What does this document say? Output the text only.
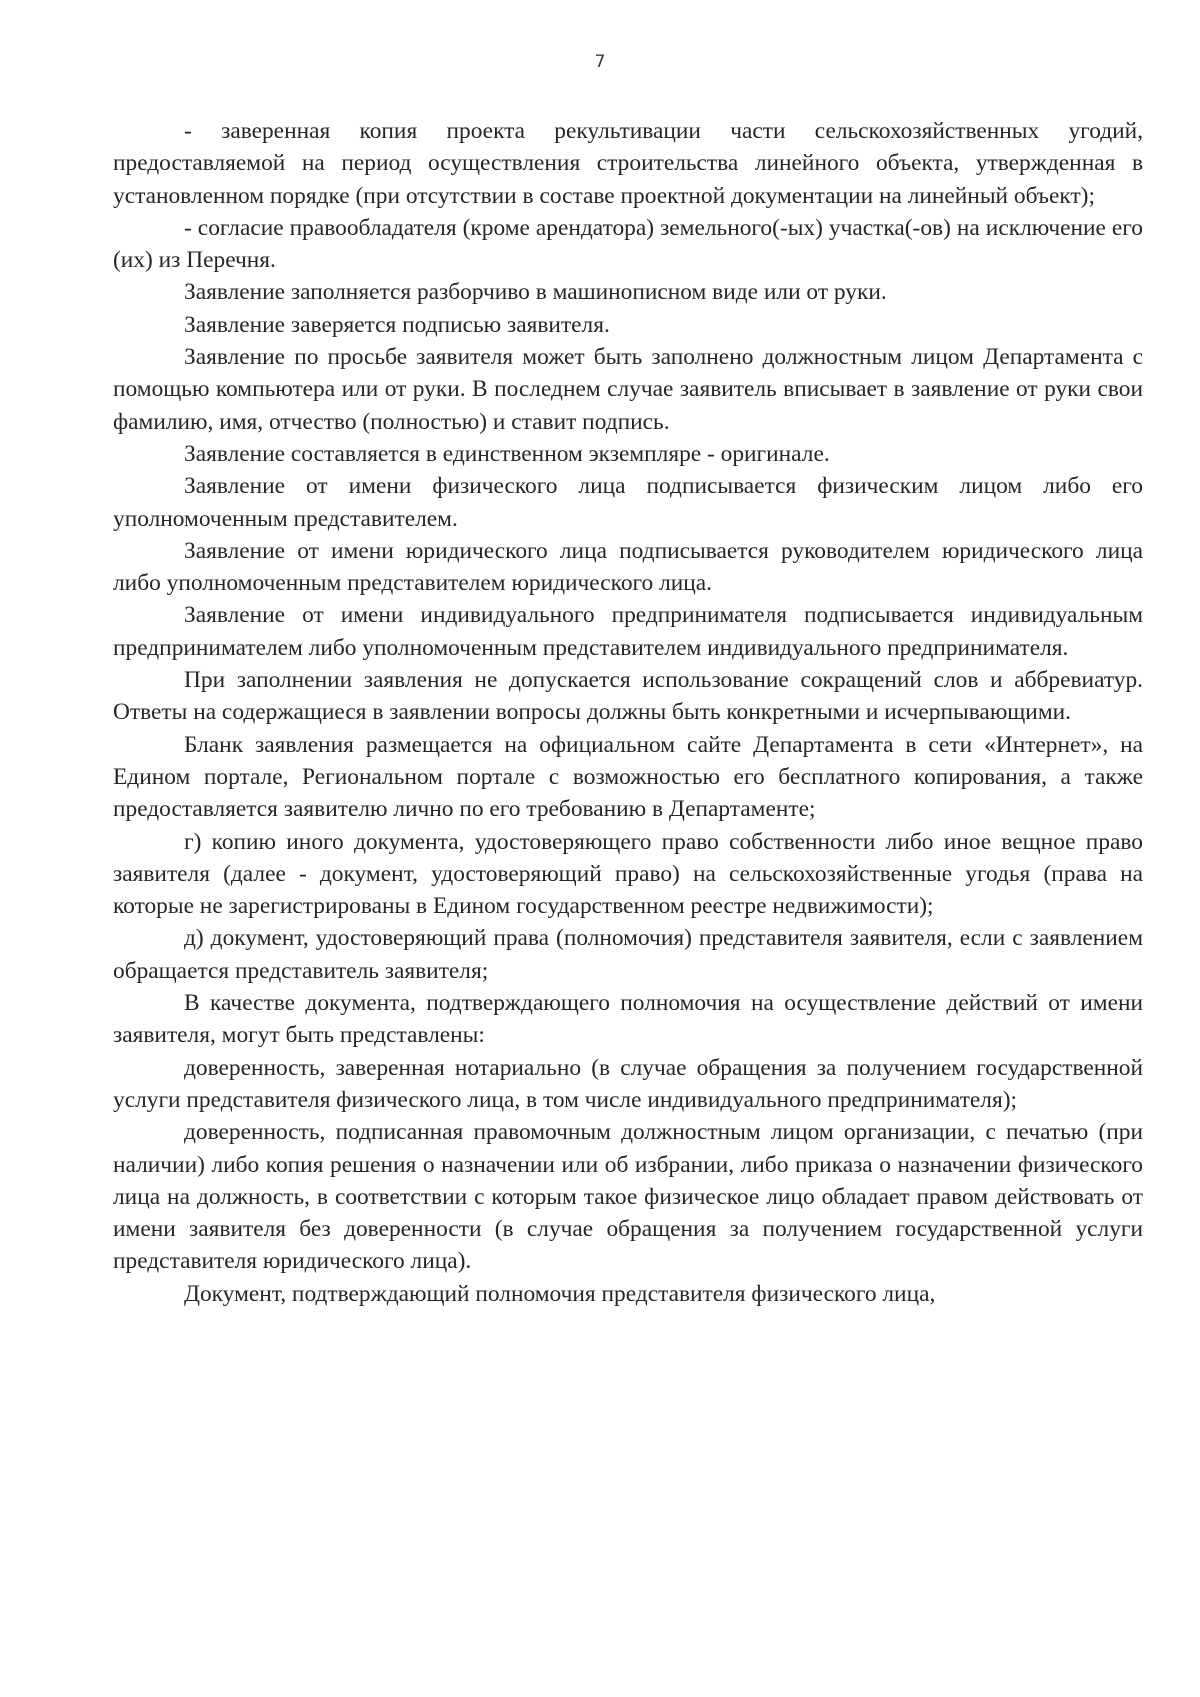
7

- заверенная копия проекта рекультивации части сельскохозяйственных угодий, предоставляемой на период осуществления строительства линейного объекта, утвержденная в установленном порядке (при отсутствии в составе проектной документации на линейный объект);

- согласие правообладателя (кроме арендатора) земельного(-ых) участка(-ов) на исключение его (их) из Перечня.

Заявление заполняется разборчиво в машинописном виде или от руки.

Заявление заверяется подписью заявителя.

Заявление по просьбе заявителя может быть заполнено должностным лицом Департамента с помощью компьютера или от руки. В последнем случае заявитель вписывает в заявление от руки свои фамилию, имя, отчество (полностью) и ставит подпись.

Заявление составляется в единственном экземпляре - оригинале.

Заявление от имени физического лица подписывается физическим лицом либо его уполномоченным представителем.

Заявление от имени юридического лица подписывается руководителем юридического лица либо уполномоченным представителем юридического лица.

Заявление от имени индивидуального предпринимателя подписывается индивидуальным предпринимателем либо уполномоченным представителем индивидуального предпринимателя.

При заполнении заявления не допускается использование сокращений слов и аббревиатур. Ответы на содержащиеся в заявлении вопросы должны быть конкретными и исчерпывающими.

Бланк заявления размещается на официальном сайте Департамента в сети «Интернет», на Едином портале, Региональном портале с возможностью его бесплатного копирования, а также предоставляется заявителю лично по его требованию в Департаменте;

г) копию иного документа, удостоверяющего право собственности либо иное вещное право заявителя (далее - документ, удостоверяющий право) на сельскохозяйственные угодья (права на которые не зарегистрированы в Едином государственном реестре недвижимости);

д) документ, удостоверяющий права (полномочия) представителя заявителя, если с заявлением обращается представитель заявителя;

В качестве документа, подтверждающего полномочия на осуществление действий от имени заявителя, могут быть представлены:

доверенность, заверенная нотариально (в случае обращения за получением государственной услуги представителя физического лица, в том числе индивидуального предпринимателя);

доверенность, подписанная правомочным должностным лицом организации, с печатью (при наличии) либо копия решения о назначении или об избрании, либо приказа о назначении физического лица на должность, в соответствии с которым такое физическое лицо обладает правом действовать от имени заявителя без доверенности (в случае обращения за получением государственной услуги представителя юридического лица).

Документ, подтверждающий полномочия представителя физического лица,
